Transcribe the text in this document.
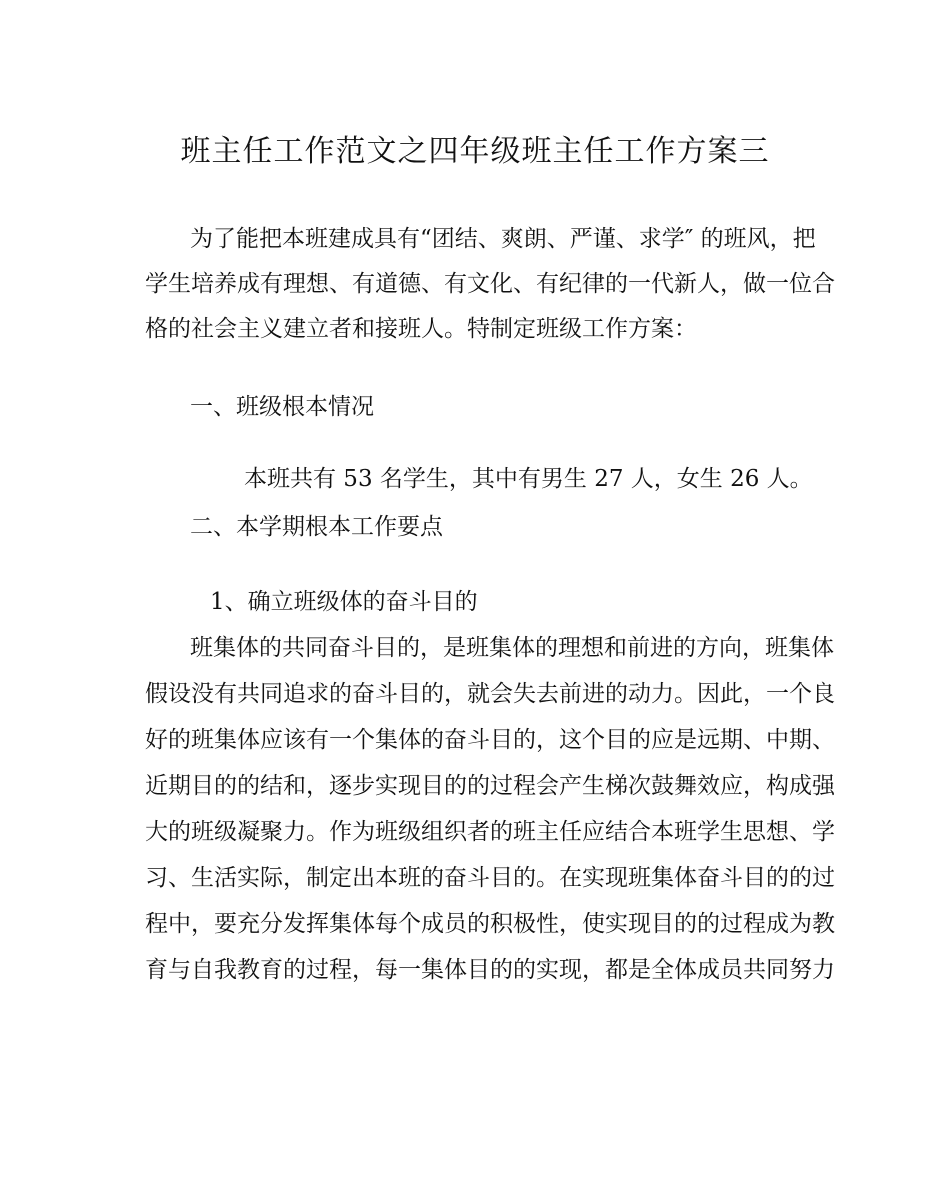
班主任工作范文之四年级班主任工作方案三
为了能把本班建成具有“团结、爽朗、严谨、求学″ 的班风，把
学生培养成有理想、有道德、有文化、有纪律的一代新人，做一位合
格的社会主义建立者和接班人。特制定班级工作方案：
一、班级根本情况
本班共有 53 名学生，其中有男生 27 人，女生 26 人。
二、本学期根本工作要点
1、确立班级体的奋斗目的
班集体的共同奋斗目的，是班集体的理想和前进的方向，班集体
假设没有共同追求的奋斗目的，就会失去前进的动力。因此，一个良
好的班集体应该有一个集体的奋斗目的，这个目的应是远期、中期、
近期目的的结和，逐步实现目的的过程会产生梯次鼓舞效应，构成强
大的班级凝聚力。作为班级组织者的班主任应结合本班学生思想、学
习、生活实际，制定出本班的奋斗目的。在实现班集体奋斗目的的过
程中，要充分发挥集体每个成员的积极性，使实现目的的过程成为教
育与自我教育的过程，每一集体目的的实现，都是全体成员共同努力
